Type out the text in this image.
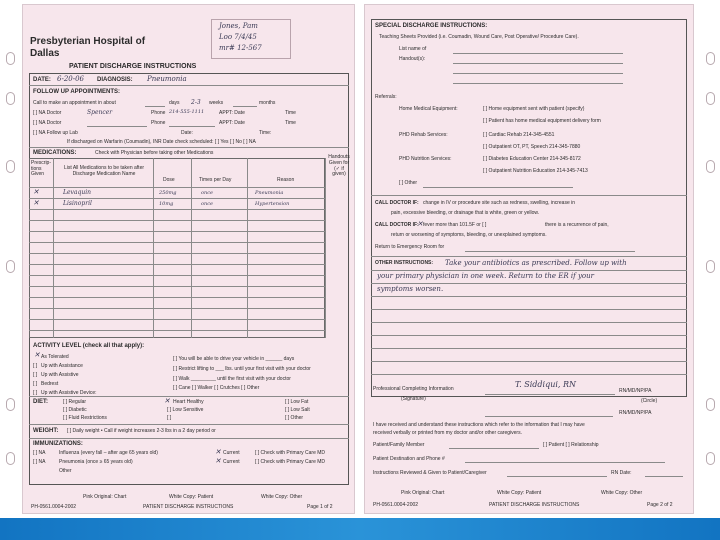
Presbyterian Hospital of
Dallas
Jones, Pam
Loo 7/4/45
mr# 12-567
PATIENT DISCHARGE INSTRUCTIONS
DATE: 6-20-06 DIAGNOSIS: Pneumonia
FOLLOW UP APPOINTMENTS:
Call to make an appointment in about	days 2-3 weeks	months
[ ] NA Doctor	Spencer	Phone 214-555-1111	APPT: Date	Time
[ ] NA Doctor	Phone	APPT: Date	Time
[ ] NA Follow up Lab	Date:	Time:
If discharged on Warfarin (Coumadin), INR Date check scheduled: [ ] Yes [ ] No [ ] NA
MEDICATIONS:	Check with Physician before taking other Medications
Prescrip-tions Given
List All Medications to be taken after Discharge Medication Name
Dose	Times per Day	Reason
Handouts Given for (✓ if given)
✕	Levaquin	250mg	once	Pneumonia
✕	Lisinopril	10mg	once	Hypertension
ACTIVITY LEVEL (check all that apply):
✕ As Tolerated
[ ] Up with Assistance
[ ] Up with Assistive
[ ] Bedrest
[ ] Up with Assistive Device:
[ ] You will be able to drive your vehicle in ______ days
[ ] Restrict lifting to ___ lbs. until your first visit with your doctor
[ ] Walk _________ until the first visit with your doctor
[ ] Cane [ ] Walker [ ] Crutches [ ] Other
DIET:	[ ] Regular
[ ] Diabetic
[ ] Fluid Restrictions
✕ Heart Healthy
[ ] Low Sensitive
[ ]
[ ] Low Fat
[ ] Low Salt
[ ] Other
WEIGHT: [ ] Daily weight • Call if weight increases 2-3 lbs in a 2 day period or
IMMUNIZATIONS:
[ ] NA	Influenza (every fall – after age 65 years old)	✕ Current	[ ] Check with Primary Care MD
[ ] NA	Pneumonia (once ≥ 65 years old)	✕ Current	[ ] Check with Primary Care MD
Other
Pink Original: Chart	White Copy: Patient	White Copy: Other
PH-0561.0004-2002	PATIENT DISCHARGE INSTRUCTIONS	Page 1 of 2
SPECIAL DISCHARGE INSTRUCTIONS:
Teaching Sheets Provided (i.e. Coumadin, Wound Care, Post Operative/ Procedure Care).
List name of
Handout(s):
Referrals:
Home Medical Equipment:	[ ] Home equipment sent with patient (specify)
[ ] Patient has home medical equipment delivery form
PHD Rehab Services:	[ ] Cardiac Rehab 214-345-4551
[ ] Outpatient OT, PT, Speech 214-345-7880
PHD Nutrition Services:	[ ] Diabetes Education Center 214-345-8172
[ ] Outpatient Nutrition Education 214-345-7413
[ ] Other
CALL DOCTOR IF: change in IV or procedure site such as redness, swelling, increase in
pain, excessive bleeding, or drainage that is white, green or yellow.
CALL DOCTOR IF:
✕ fever more than 101.5F or [ ]	there is a recurrence of pain,
return or worsening of symptoms, bleeding, or unexplained symptoms.
Return to Emergency Room for
OTHER INSTRUCTIONS: Take your antibiotics as prescribed. Follow up with
your primary physician in one week. Return to the ER if your
symptoms worsen.
Professional Completing Information
(Signature)
T. Siddiqui, RN
RN/MD/NP/PA
(Circle)
RN/MD/NP/PA
I have received and understand these instructions which refer to the information that I may have
received verbally or printed from my doctor and/or other caregivers.
Patient/Family Member	[ ] Patient [ ] Relationship
Patient Destination and Phone #
Instructions Reviewed & Given to Patient/Caregiver	RN Date:
Pink Original: Chart	White Copy: Patient	White Copy: Other
PH-0561.0004-2002	PATIENT DISCHARGE INSTRUCTIONS	Page 2 of 2
